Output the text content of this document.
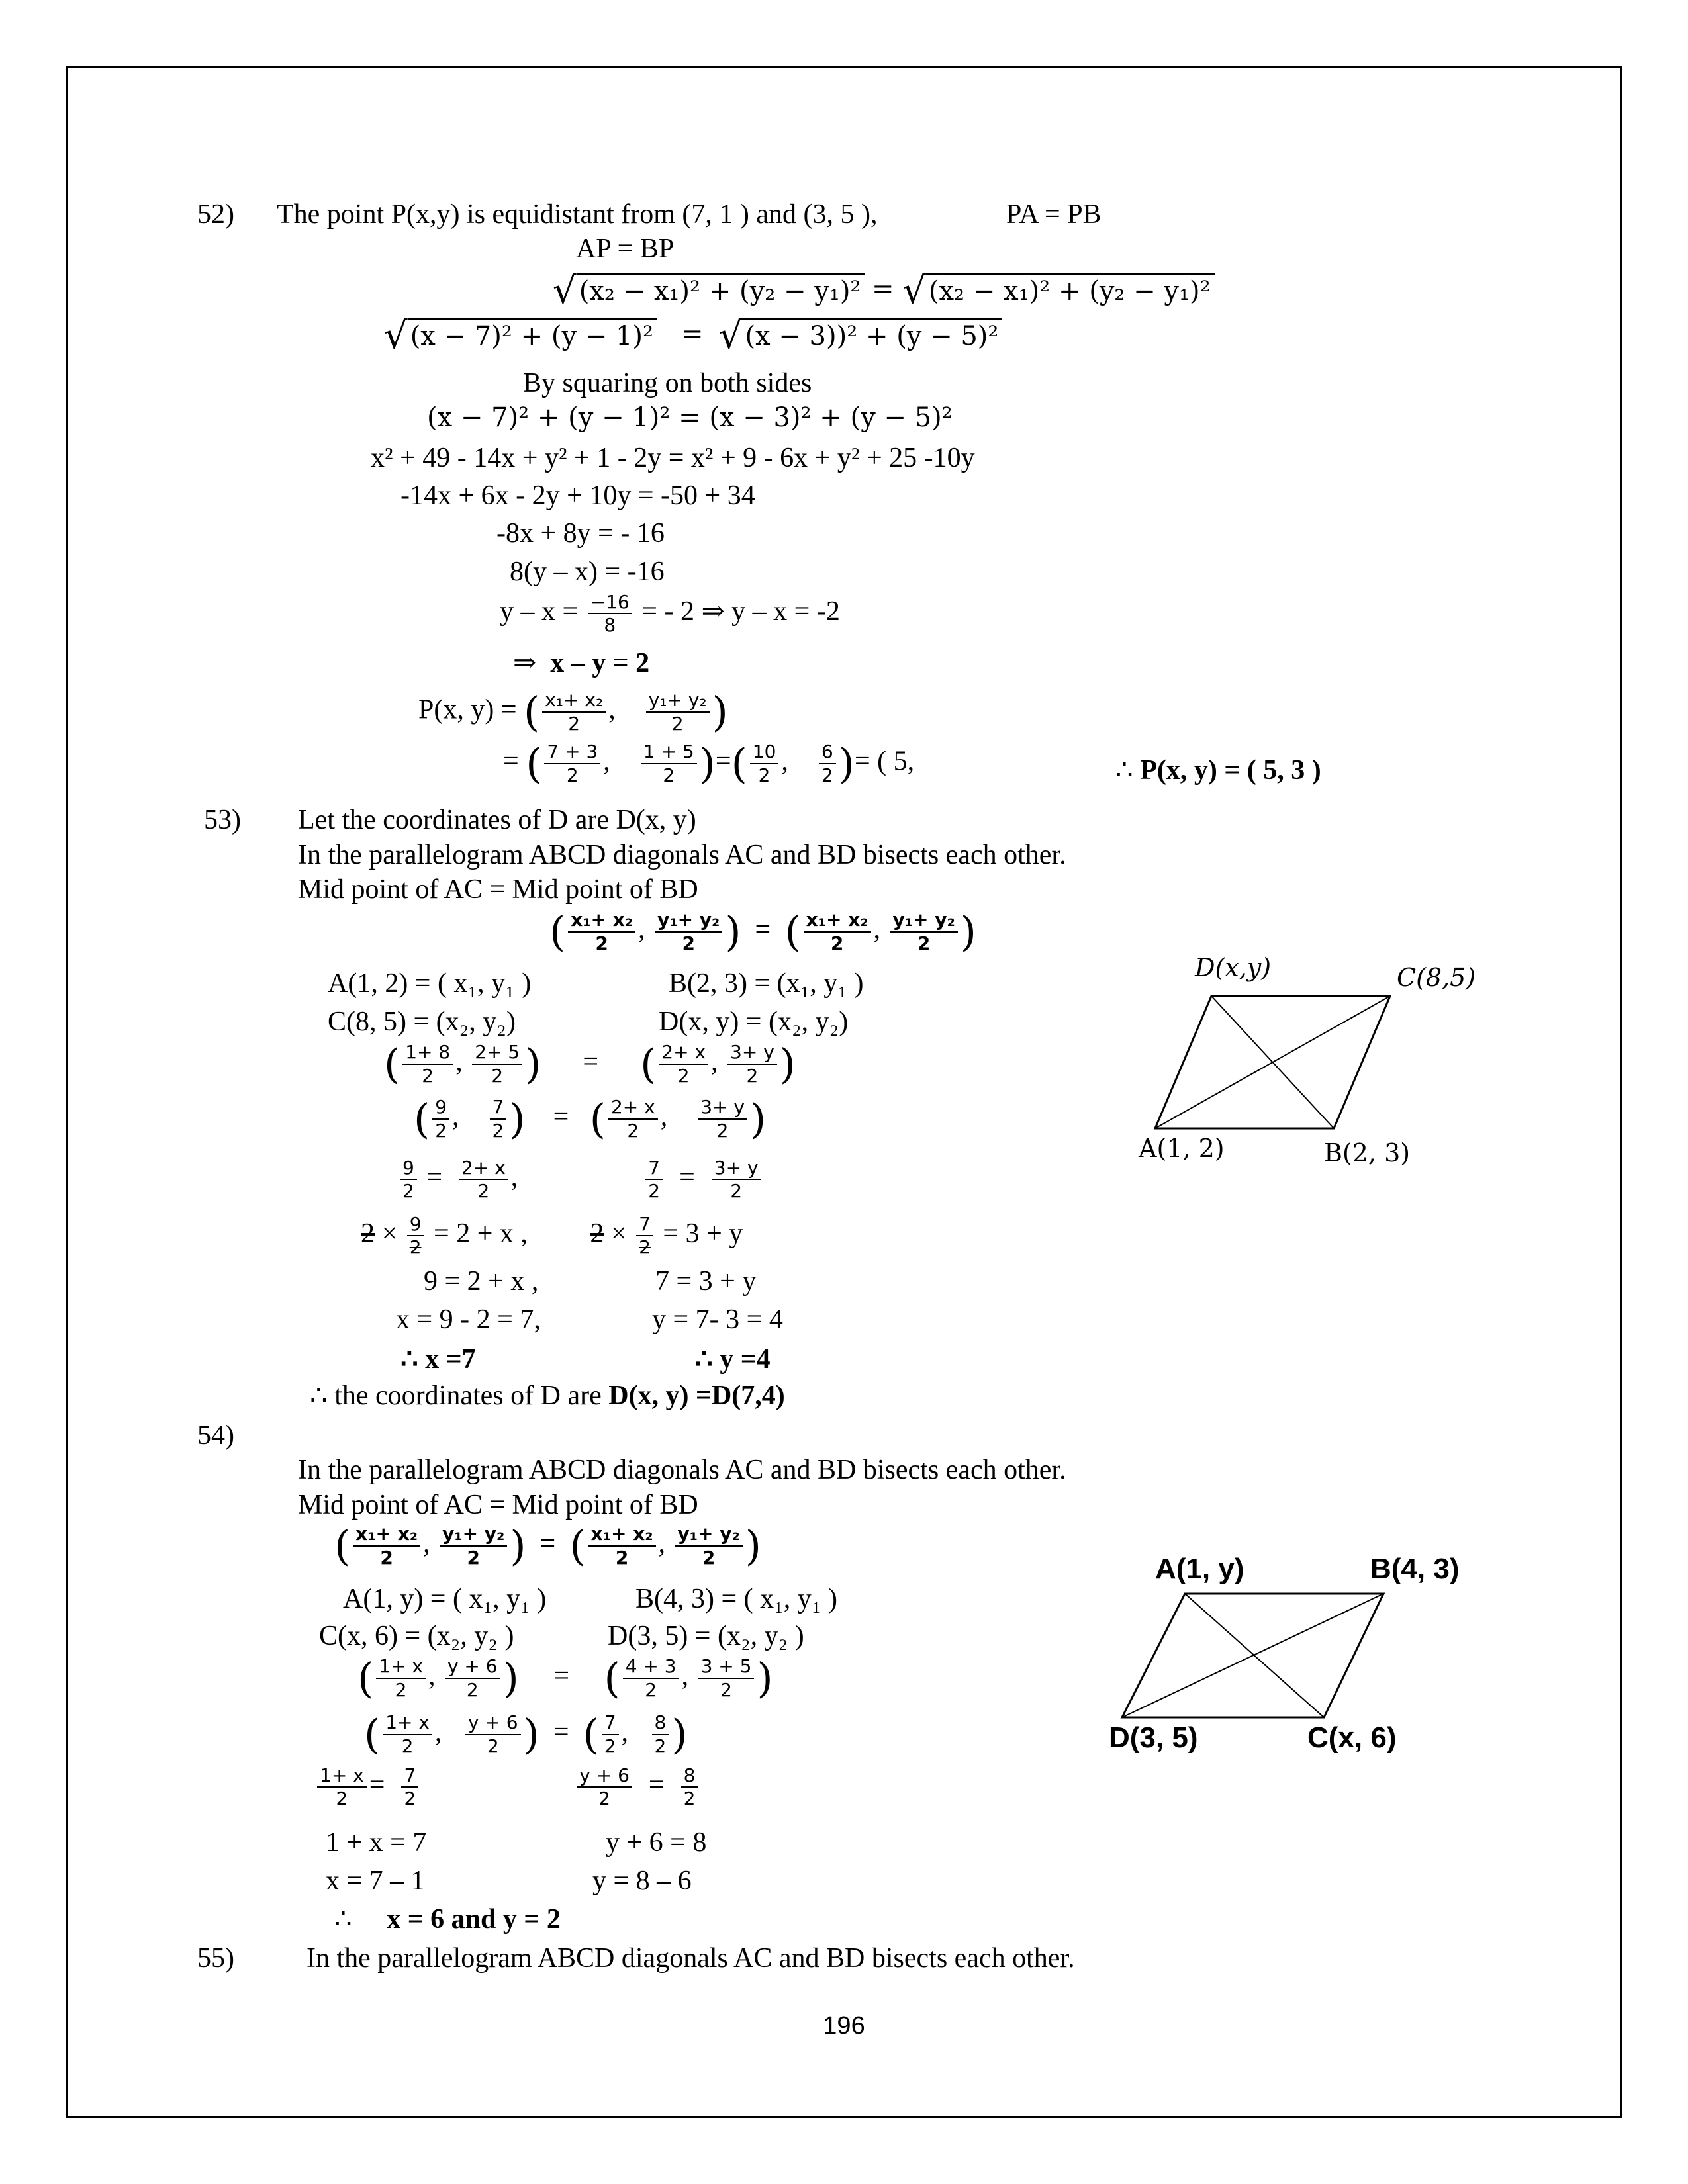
52) The point P(x,y) is equidistant from (7, 1 ) and (3, 5 ),	PA = PB
AP = BP
√ (x₂ − x₁)² + (y₂ − y₁)² = √ (x₂ − x₁)² + (y₂ − y₁)²
√ (x − 7)² + (y − 1)² = √ (x − 3))² + (y − 5)²
By squaring on both sides
(x − 7)² + (y − 1)² = (x − 3)² + (y − 5)²
x² + 49 - 14x + y² + 1 - 2y = x² + 9 - 6x + y² + 25 -10y
-14x + 6x - 2y + 10y = -50 + 34
-8x + 8y = - 16
8(y – x) = -16
$y - x = \frac{-16}{8}$ = - 2 ⇒ y – x = -2
⇒ x – y = 2
P(x, y) = ( $\frac{\text{x₁+ x₂}}{2}$ , $\frac{\text{y₁+ y₂}}{2}$ )
= ( $\frac{7 + 3}{2}$ , $\frac{1 + 5}{2}$ )=( $\frac{10}{2}$ , $\frac{6}{2}$ )= ( 5,	∴ P(x, y) = ( 5, 3 )
53) Let the coordinates of D are D(x, y)
In the parallelogram ABCD diagonals AC and BD bisects each other.
Mid point of AC = Mid point of BD
( $\frac{\text{x₁+ x₂}}{2}$ , $\frac{\text{y₁+ y₂}}{2}$ ) = ( $\frac{\text{x₁+ x₂}}{2}$ , $\frac{\text{y₁+ y₂}}{2}$ )
A(1, 2) = ( x₁, y₁ )	B(2, 3) = (x₁, y₁ )
C(8, 5) = (x₂, y₂)	D(x, y) = (x₂, y₂)
( $\frac{1+ 8}{2}$ , $\frac{2+ 5}{2}$ )      =      ( $\frac{2+ x}{2}$ , $\frac{3+ y}{2}$ )
( $\frac{9}{2}$ , $\frac{7}{2}$ )    =   ( $\frac{2+ x}{2}$ , $\frac{3+ y}{2}$ )
$\frac{9}{2} = \frac{2+ x}{2}$ , $\frac{7}{2} = \frac{3+ y}{2}$
$2 \times \frac{9}{2} = 2 + x$ , $2 \times \frac{7}{2} = 3 + y$
9 = 2 + x ,	7 = 3 + y
x = 9 - 2 = 7,	y = 7- 3 = 4
∴ x =7	∴ y =4
∴ the coordinates of D are D(x, y) =D(7,4)
D(x,y)	C(8,5)
A(1, 2)	B(2, 3)
54)
In the parallelogram ABCD diagonals AC and BD bisects each other.
Mid point of AC = Mid point of BD
( $\frac{\text{x₁+ x₂}}{2}$ , $\frac{\text{y₁+ y₂}}{2}$ ) = ( $\frac{\text{x₁+ x₂}}{2}$ , $\frac{\text{y₁+ y₂}}{2}$ )
A(1, y) = ( x₁, y₁ )	B(4, 3) = ( x₁, y₁ )
C(x, 6) = (x₂, y₂ )	D(3, 5) = (x₂, y₂ )
( $\frac{1+ x}{2}$ , $\frac{y + 6}{2}$ )     =     ( $\frac{4 + 3}{2}$ , $\frac{3 + 5}{2}$ )
( $\frac{1+ x}{2}$ , $\frac{y + 6}{2}$ )  =  ( $\frac{7}{2}$ , $\frac{8}{2}$ )
$\frac{1+ x}{2} = \frac{7}{2}$
	$\frac{y + 6}{2} = \frac{8}{2}$
1 + x = 7	y + 6 = 8
x = 7 – 1	y = 8 – 6
∴ x = 6 and y = 2
A(1, y)	B(4, 3)
D(3, 5)	C(x, 6)
55)	In the parallelogram ABCD diagonals AC and BD bisects each other.
196
